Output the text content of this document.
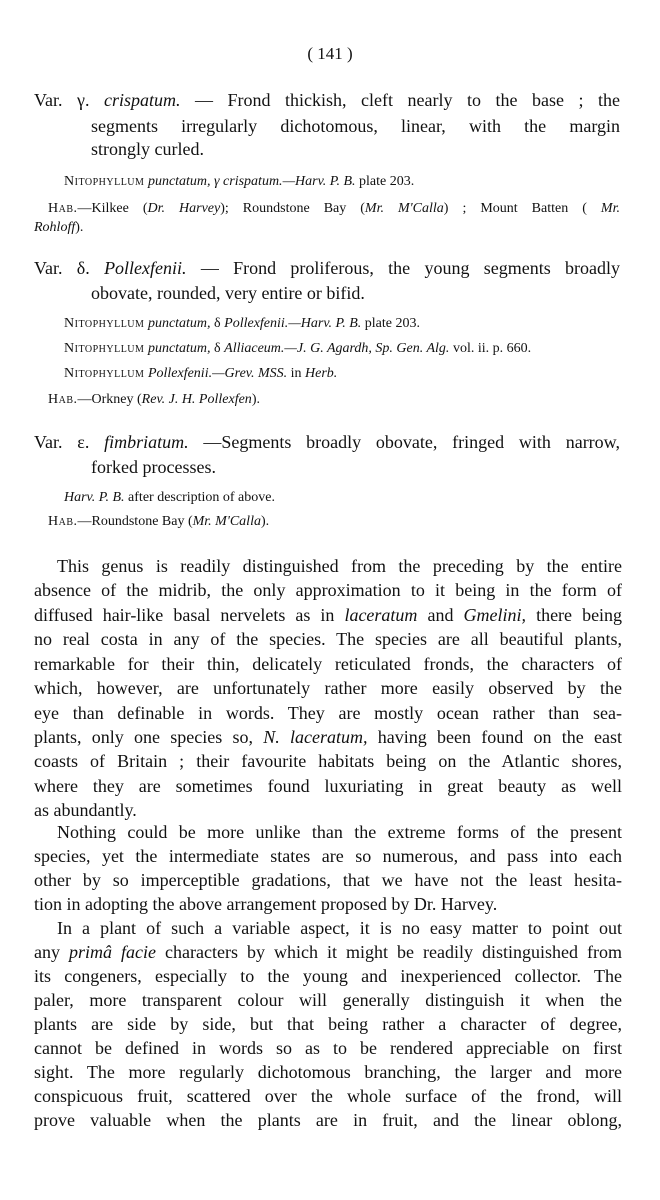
( 141 )
Var. γ. crispatum. — Frond thickish, cleft nearly to the base ; the
segments irregularly dichotomous, linear, with the margin
strongly curled.
Nitophyllum punctatum, γ crispatum.—Harv. P. B. plate 203.
Hab.—Kilkee (Dr. Harvey); Roundstone Bay (Mr. M'Calla) ; Mount Batten ( Mr.
Rohloff).
Var. δ. Pollexfenii. — Frond proliferous, the young segments broadly
obovate, rounded, very entire or bifid.
Nitophyllum punctatum, δ Pollexfenii.—Harv. P. B. plate 203.
Nitophyllum punctatum, δ Alliaceum.—J. G. Agardh, Sp. Gen. Alg. vol. ii. p. 660.
Nitophyllum Pollexfenii.—Grev. MSS. in Herb.
Hab.—Orkney (Rev. J. H. Pollexfen).
Var. ε. fimbriatum. —Segments broadly obovate, fringed with narrow,
forked processes.
Harv. P. B. after description of above.
Hab.—Roundstone Bay (Mr. M'Calla).
This genus is readily distinguished from the preceding by the entire
absence of the midrib, the only approximation to it being in the form of
diffused hair-like basal nervelets as in laceratum and Gmelini, there being
no real costa in any of the species. The species are all beautiful plants,
remarkable for their thin, delicately reticulated fronds, the characters of
which, however, are unfortunately rather more easily observed by the
eye than definable in words. They are mostly ocean rather than sea-
plants, only one species so, N. laceratum, having been found on the east
coasts of Britain ; their favourite habitats being on the Atlantic shores,
where they are sometimes found luxuriating in great beauty as well
as abundantly.
Nothing could be more unlike than the extreme forms of the present
species, yet the intermediate states are so numerous, and pass into each
other by so imperceptible gradations, that we have not the least hesita-
tion in adopting the above arrangement proposed by Dr. Harvey.
In a plant of such a variable aspect, it is no easy matter to point out
any primâ facie characters by which it might be readily distinguished from
its congeners, especially to the young and inexperienced collector. The
paler, more transparent colour will generally distinguish it when the
plants are side by side, but that being rather a character of degree,
cannot be defined in words so as to be rendered appreciable on first
sight. The more regularly dichotomous branching, the larger and more
conspicuous fruit, scattered over the whole surface of the frond, will
prove valuable when the plants are in fruit, and the linear oblong,
